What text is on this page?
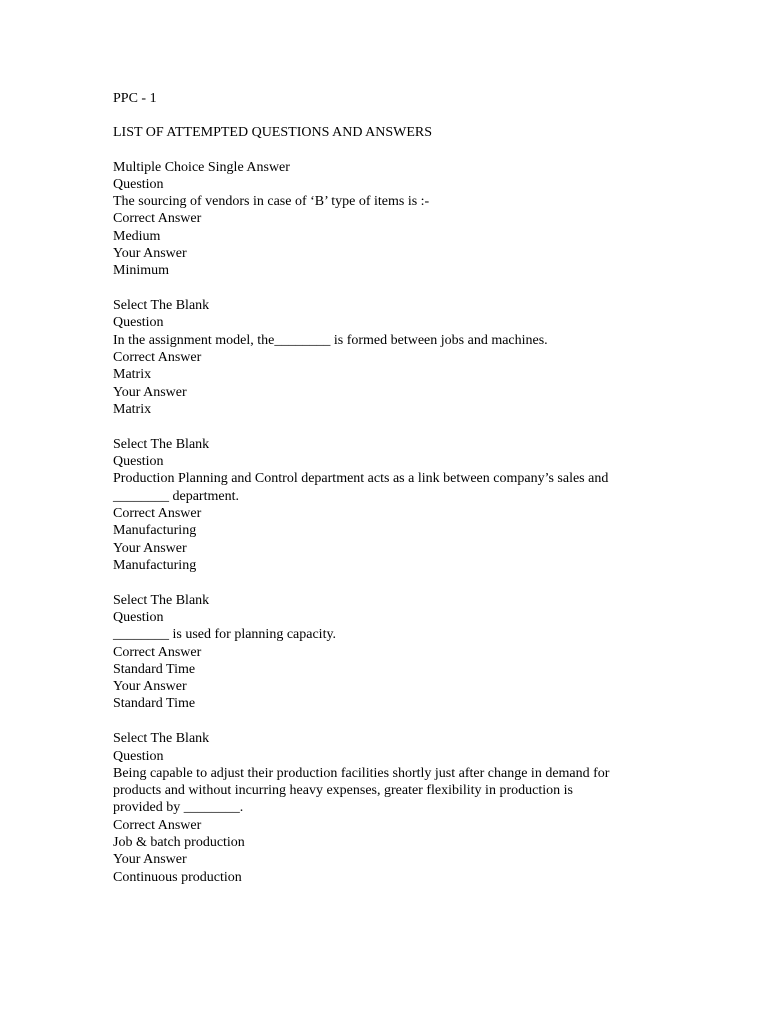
PPC - 1
LIST OF ATTEMPTED QUESTIONS AND ANSWERS
Multiple Choice Single Answer
Question
The sourcing of vendors in case of ‘B’ type of items is :-
Correct Answer
Medium
Your Answer
Minimum
Select The Blank
Question
In the assignment model, the________ is formed between jobs and machines.
Correct Answer
Matrix
Your Answer
Matrix
Select The Blank
Question
Production Planning and Control department acts as a link between company’s sales and
________ department.
Correct Answer
Manufacturing
Your Answer
Manufacturing
Select The Blank
Question
________ is used for planning capacity.
Correct Answer
Standard Time
Your Answer
Standard Time
Select The Blank
Question
Being capable to adjust their production facilities shortly just after change in demand for
products and without incurring heavy expenses, greater flexibility in production is
provided by ________.
Correct Answer
Job & batch production
Your Answer
Continuous production
